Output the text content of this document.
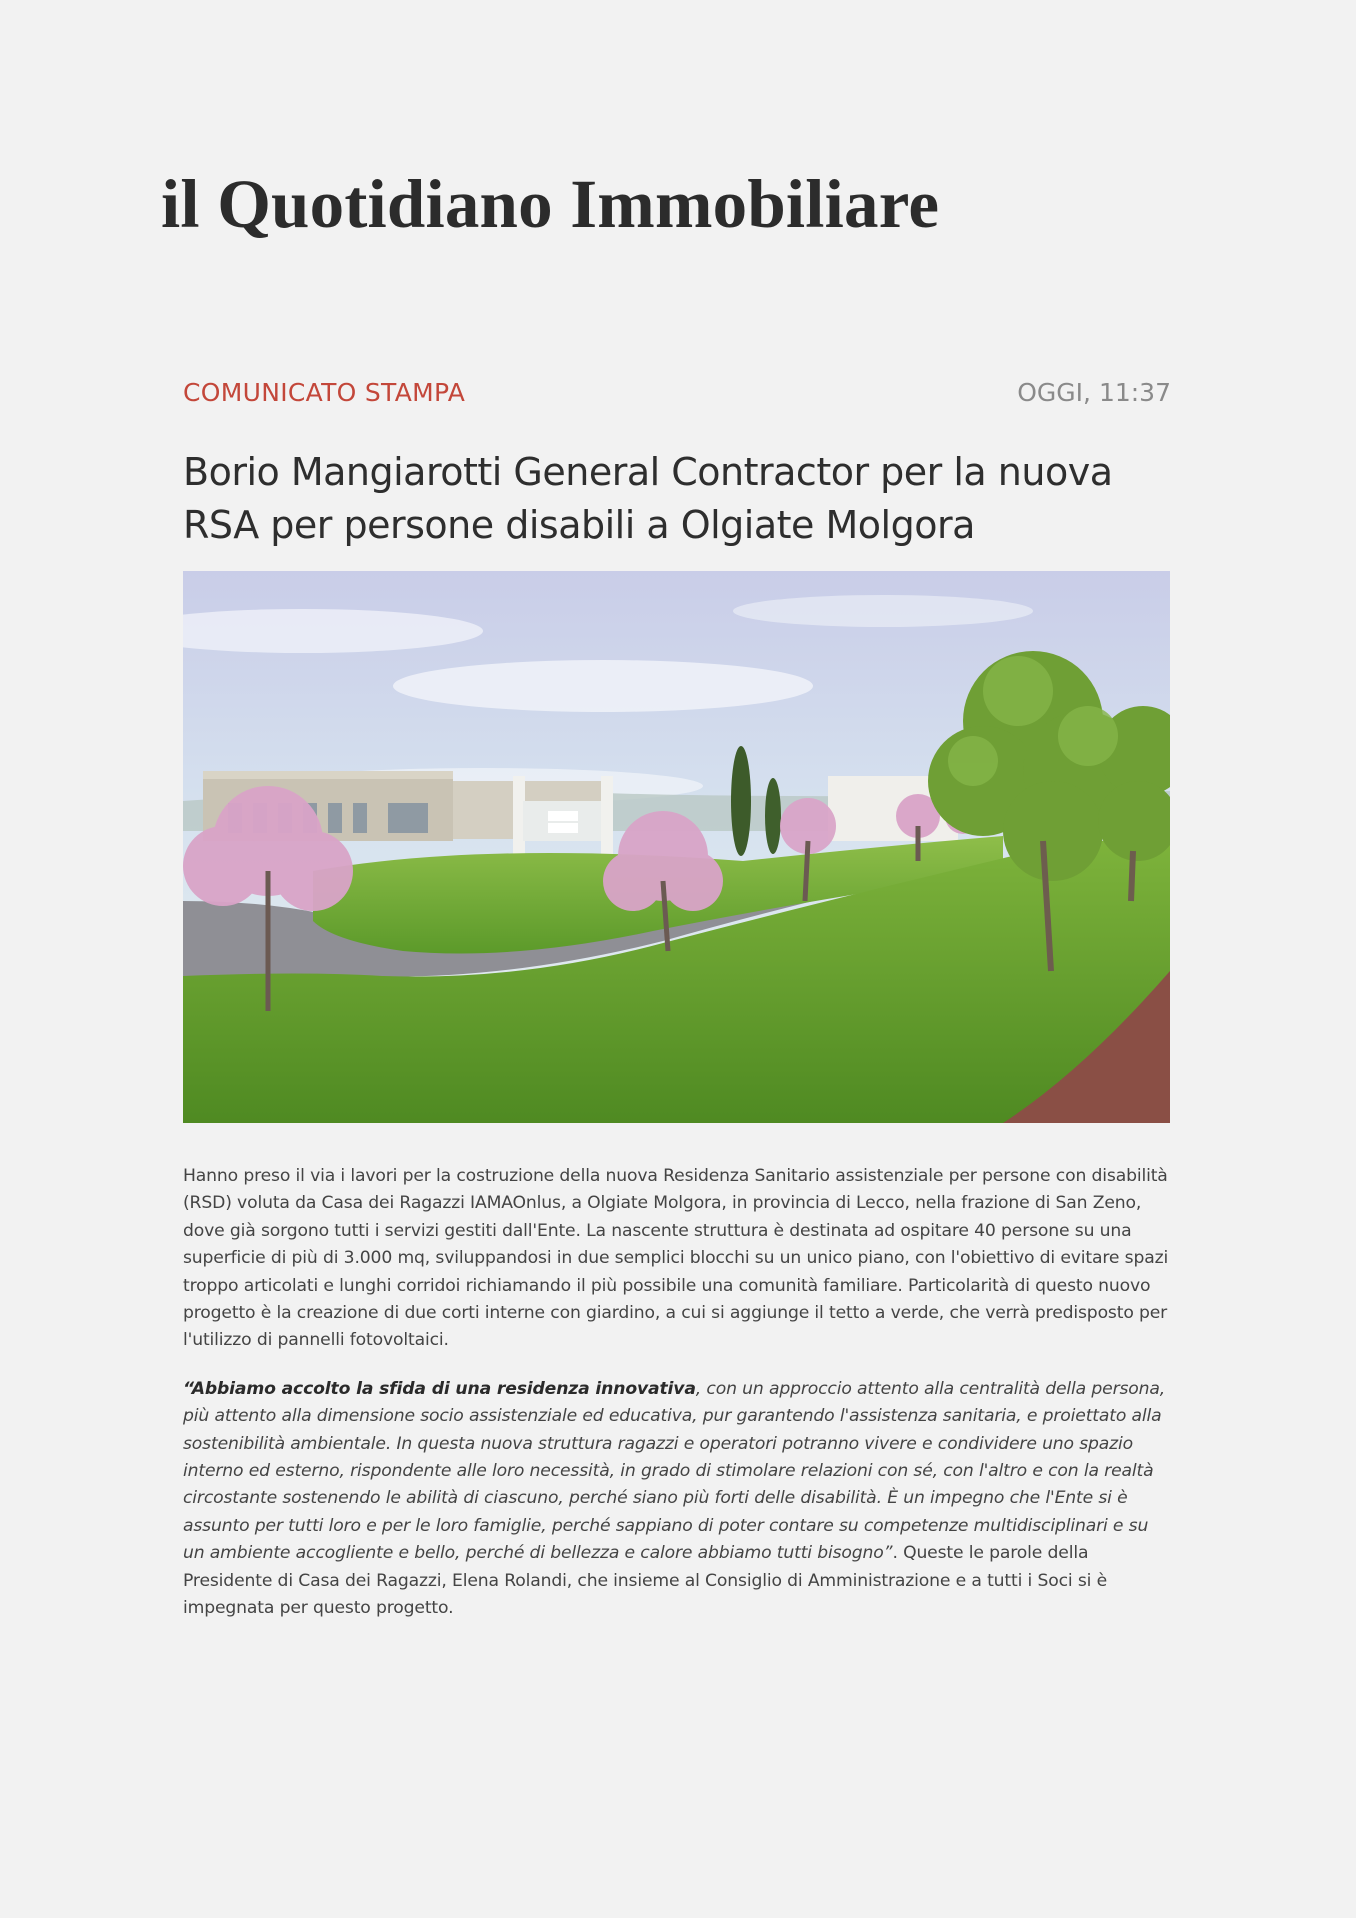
il Quotidiano Immobiliare
COMUNICATO STAMPA	OGGI, 11:37
Borio Mangiarotti General Contractor per la nuova
RSA per persone disabili a Olgiate Molgora

Hanno preso il via i lavori per la costruzione della nuova Residenza Sanitario assistenziale per persone con disabilità (RSD) voluta da Casa dei Ragazzi IAMAOnlus, a Olgiate Molgora, in provincia di Lecco, nella frazione di San Zeno, dove già sorgono tutti i servizi gestiti dall'Ente. La nascente struttura è destinata ad ospitare 40 persone su una superficie di più di 3.000 mq, sviluppandosi in due semplici blocchi su un unico piano, con l'obiettivo di evitare spazi troppo articolati e lunghi corridoi richiamando il più possibile una comunità familiare. Particolarità di questo nuovo progetto è la creazione di due corti interne con giardino, a cui si aggiunge il tetto a verde, che verrà predisposto per l'utilizzo di pannelli fotovoltaici.

“Abbiamo accolto la sfida di una residenza innovativa, con un approccio attento alla centralità della persona, più attento alla dimensione socio assistenziale ed educativa, pur garantendo l'assistenza sanitaria, e proiettato alla sostenibilità ambientale. In questa nuova struttura ragazzi e operatori potranno vivere e condividere uno spazio interno ed esterno, rispondente alle loro necessità, in grado di stimolare relazioni con sé, con l'altro e con la realtà circostante sostenendo le abilità di ciascuno, perché siano più forti delle disabilità. È un impegno che l'Ente si è assunto per tutti loro e per le loro famiglie, perché sappiano di poter contare su competenze multidisciplinari e su un ambiente accogliente e bello, perché di bellezza e calore abbiamo tutti bisogno”. Queste le parole della Presidente di Casa dei Ragazzi, Elena Rolandi, che insieme al Consiglio di Amministrazione e a tutti i Soci si è impegnata per questo progetto.
